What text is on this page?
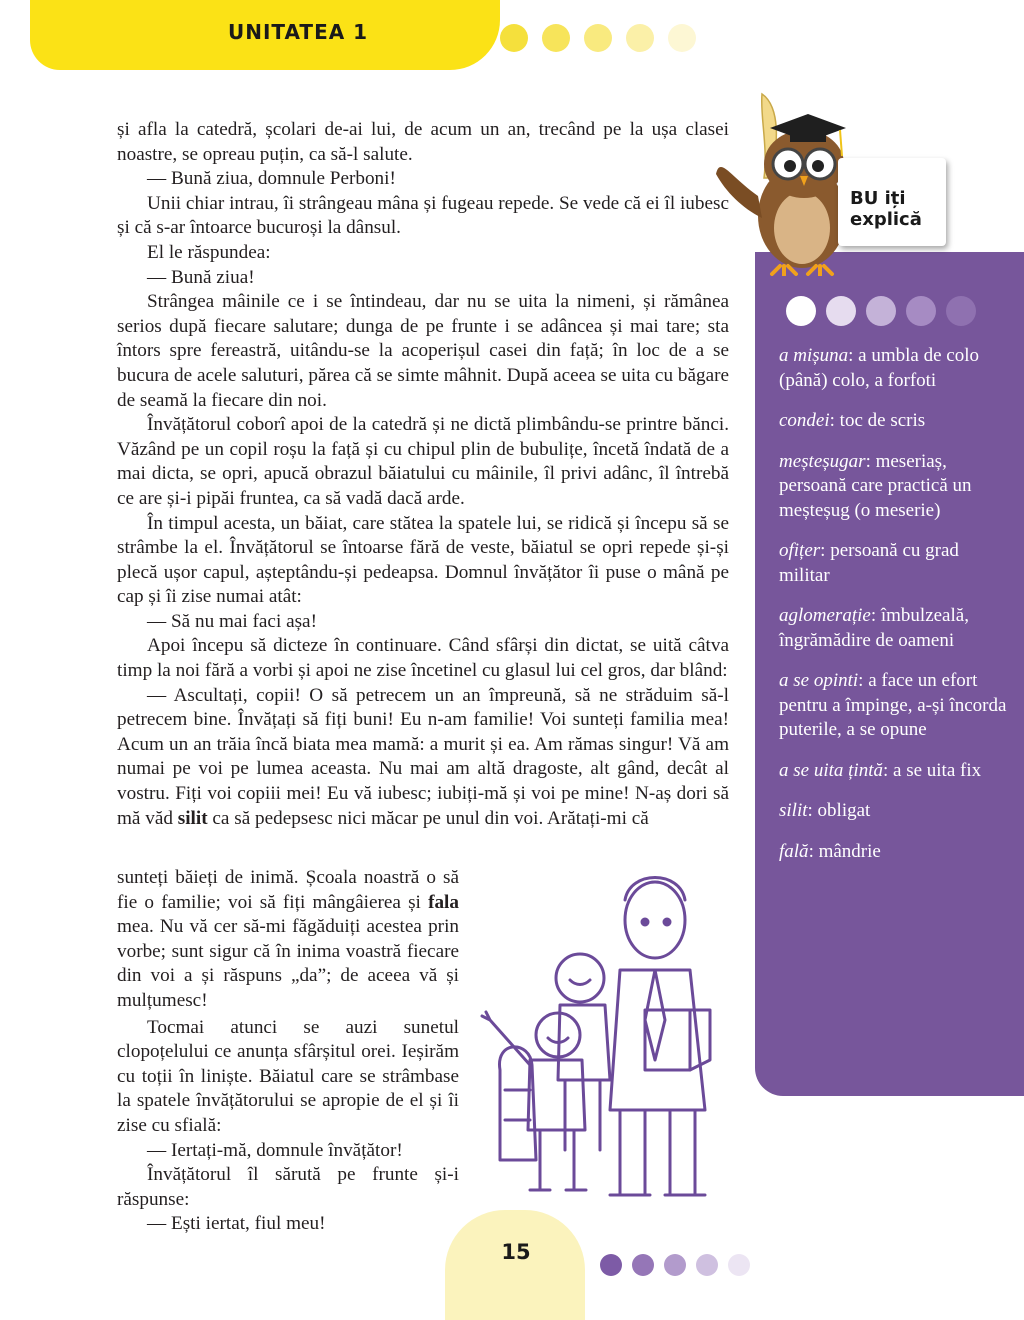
UNITATEA 1

și afla la catedră, școlari de-ai lui, de acum un an, trecând pe la ușa clasei noastre, se opreau puțin, ca să-l salute.

— Bună ziua, domnule Perboni!

Unii chiar intrau, îi strângeau mâna și fugeau repede. Se vede că ei îl iubesc și că s-ar întoarce bucuroși la dânsul.

El le răspundea:

— Bună ziua!

Strângea mâinile ce i se întindeau, dar nu se uita la nimeni, și rămânea serios după fiecare salutare; dunga de pe frunte i se adâncea și mai tare; sta întors spre fereastră, uitându-se la acoperișul casei din față; în loc de a se bucura de acele saluturi, părea că se simte mâhnit. După aceea se uita cu băgare de seamă la fiecare din noi.

Învățătorul coborî apoi de la catedră și ne dictă plimbându-se printre bănci. Văzând pe un copil roșu la față și cu chipul plin de bubulițe, încetă îndată de a mai dicta, se opri, apucă obrazul băiatului cu mâinile, îl privi adânc, îl întrebă ce are și-i pipăi fruntea, ca să vadă dacă arde.

În timpul acesta, un băiat, care stătea la spatele lui, se ridică și începu să se strâmbe la el. Învățătorul se întoarse fără de veste, băiatul se opri repede și-și plecă ușor capul, așteptându-și pedeapsa. Domnul învățător îi puse o mână pe cap și îi zise numai atât:

— Să nu mai faci așa!

Apoi începu să dicteze în continuare. Când sfârși din dictat, se uită câtva timp la noi fără a vorbi și apoi ne zise încetinel cu glasul lui cel gros, dar blând:

— Ascultați, copii! O să petrecem un an împreună, să ne străduim să-l petrecem bine. Învățați să fiți buni! Eu n-am familie! Voi sunteți familia mea! Acum un an trăia încă biata mea mamă: a murit și ea. Am rămas singur! Vă am numai pe voi pe lumea aceasta. Nu mai am altă dragoste, alt gând, decât al vostru. Fiți voi copiii mei! Eu vă iubesc; iubiți-mă și voi pe mine! N-aș dori să mă văd silit ca să pedepsesc nici măcar pe unul din voi. Arătați-mi că

sunteți băieți de inimă. Școala noastră o să fie o familie; voi să fiți mângâierea și fala mea. Nu vă cer să-mi făgăduiți acestea prin vorbe; sunt sigur că în inima voastră fiecare din voi a și răspuns „da”; de aceea vă și mulțumesc!

Tocmai atunci se auzi sunetul clopoțelului ce anunța sfârșitul orei. Ieșirăm cu toții în liniște. Băiatul care se strâmbase la spatele învățătorului se apropie de el și îi zise cu sfială:

— Iertați-mă, domnule învățător!

Învățătorul îl sărută pe frunte și-i răspunse:

— Ești iertat, fiul meu!

BU iți
explică
a mișuna: a umbla de colo (până) colo, a forfoti
condei: toc de scris
meșteșugar: meseriaș, persoană care practică un meșteșug (o meserie)
ofițer: persoană cu grad militar
aglomerație: îmbulzeală, îngrămădire de oameni
a se opinti: a face un efort pentru a împinge, a-și încorda puterile, a se opune
a se uita țintă: a se uita fix
silit: obligat
fală: mândrie
15
